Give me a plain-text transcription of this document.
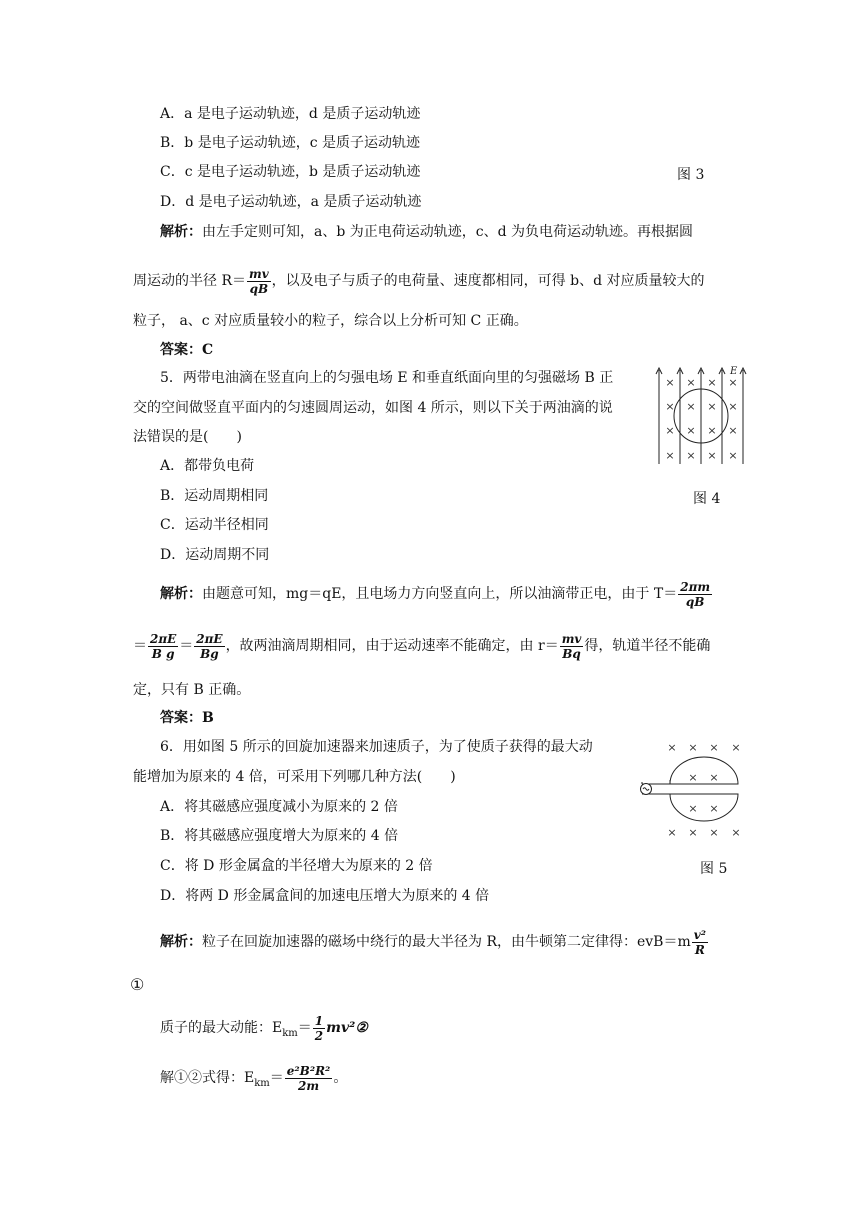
A．a 是电子运动轨迹，d 是质子运动轨迹
B．b 是电子运动轨迹，c 是质子运动轨迹
C．c 是电子运动轨迹，b 是质子运动轨迹	图 3
D．d 是电子运动轨迹，a 是质子运动轨迹
解析：由左手定则可知，a、b 为正电荷运动轨迹，c、d 为负电荷运动轨迹。再根据圆
周运动的半径 $R= \frac{mv}{qB}$ ，以及电子与质子的电荷量、速度都相同，可得 b、d 对应质量较大的
粒子， a、c 对应质量较小的粒子，综合以上分析可知 C 正确。
答案：C
5．两带电油滴在竖直向上的匀强电场 E 和垂直纸面向里的匀强磁场 B 正
交的空间做竖直平面内的匀速圆周运动，如图 4 所示，则以下关于两油滴的说
法错误的是(　　)
A．都带负电荷
B．运动周期相同	图 4
C．运动半径相同
D．运动周期不同
× × × ×
× × × ×
× × × ×
× × × ×
E
解析：由题意可知，mg＝qE，且电场力方向竖直向上，所以油滴带正电，由于 $T= \frac{2\pi m}{qB}$
＝ $\frac{2\pi E}{\text{B g}} = \frac{2\pi E}{Bg}$ ，故两油滴周期相同，由于运动速率不能确定，由 $r= \frac{mv}{Bq}$ 得，轨道半径不能确
定，只有 B 正确。
答案：B
6．用如图 5 所示的回旋加速器来加速质子，为了使质子获得的最大动
能增加为原来的 4 倍，可采用下列哪几种方法(　　)
A．将其磁感应强度减小为原来的 2 倍
B．将其磁感应强度增大为原来的 4 倍
C．将 D 形金属盒的半径增大为原来的 2 倍	图 5
D．将两 D 形金属盒间的加速电压增大为原来的 4 倍
× × × ×
× ×
× ×
× × × ×
解析：粒子在回旋加速器的磁场中绕行的最大半径为 R，由牛顿第二定律得：$evB=m \frac{\text{v²}}{R}$
①
质子的最大动能：$E_{km}= \frac{1}{2}$ mv²②
解①②式得：$E_{km}= \frac{\text{e²B²R²}}{2m}$ 。
